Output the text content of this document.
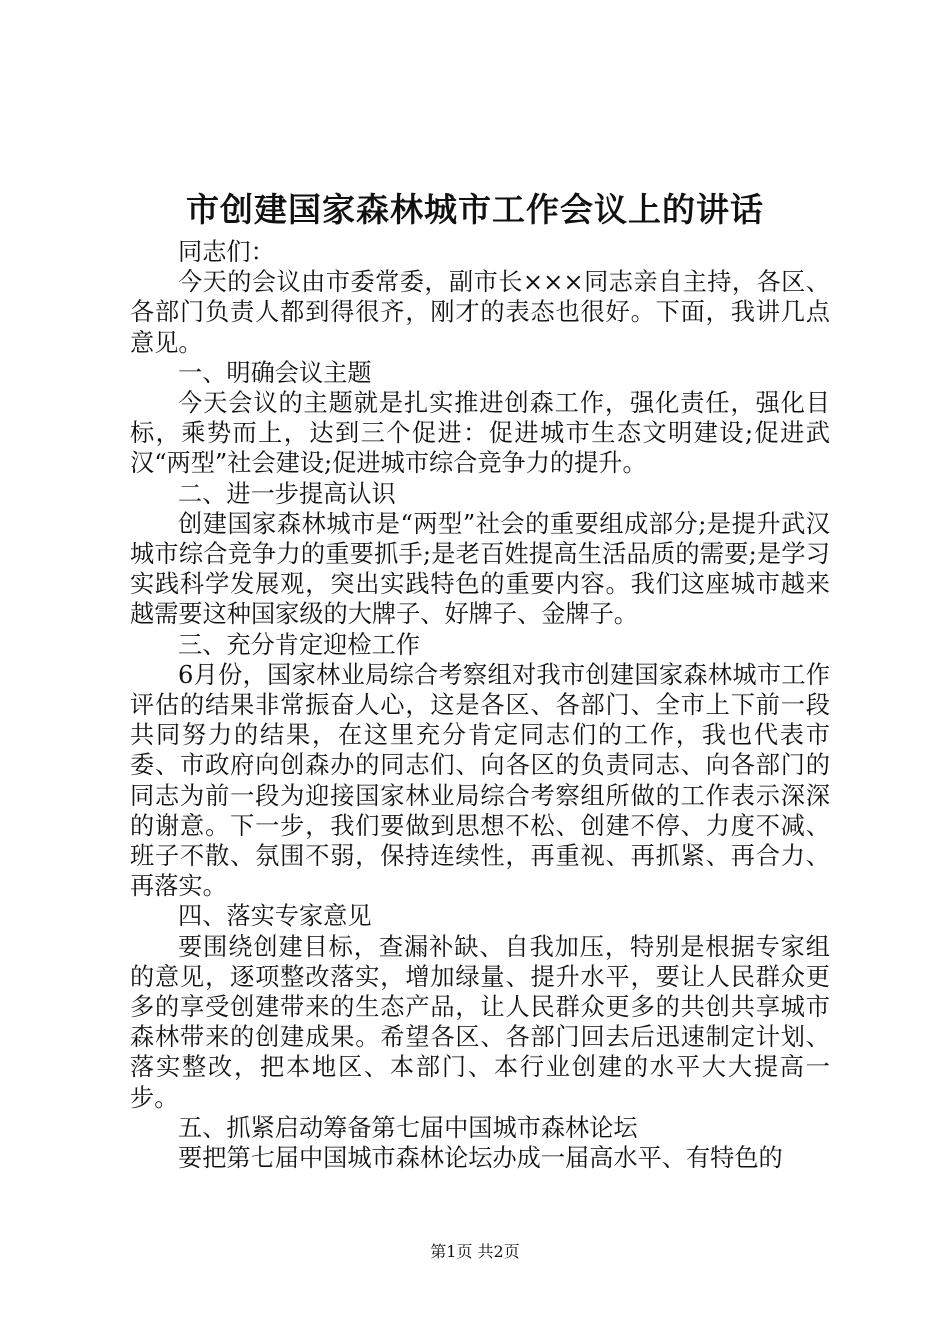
市创建国家森林城市工作会议上的讲话

同志们：

今天的会议由市委常委，副市长×××同志亲自主持，各区、各部门负责人都到得很齐，刚才的表态也很好。下面，我讲几点意见。

一、明确会议主题

今天会议的主题就是扎实推进创森工作，强化责任，强化目标，乘势而上，达到三个促进：促进城市生态文明建设;促进武汉“两型”社会建设;促进城市综合竞争力的提升。

二、进一步提高认识

创建国家森林城市是“两型”社会的重要组成部分;是提升武汉城市综合竞争力的重要抓手;是老百姓提高生活品质的需要;是学习实践科学发展观，突出实践特色的重要内容。我们这座城市越来越需要这种国家级的大牌子、好牌子、金牌子。

三、充分肯定迎检工作

6月份，国家林业局综合考察组对我市创建国家森林城市工作评估的结果非常振奋人心，这是各区、各部门、全市上下前一段共同努力的结果，在这里充分肯定同志们的工作，我也代表市委、市政府向创森办的同志们、向各区的负责同志、向各部门的同志为前一段为迎接国家林业局综合考察组所做的工作表示深深的谢意。下一步，我们要做到思想不松、创建不停、力度不减、班子不散、氛围不弱，保持连续性，再重视、再抓紧、再合力、再落实。

四、落实专家意见

要围绕创建目标，查漏补缺、自我加压，特别是根据专家组的意见，逐项整改落实，增加绿量、提升水平，要让人民群众更多的享受创建带来的生态产品，让人民群众更多的共创共享城市森林带来的创建成果。希望各区、各部门回去后迅速制定计划、落实整改，把本地区、本部门、本行业创建的水平大大提高一步。

五、抓紧启动筹备第七届中国城市森林论坛

要把第七届中国城市森林论坛办成一届高水平、有特色的

第1页 共2页
